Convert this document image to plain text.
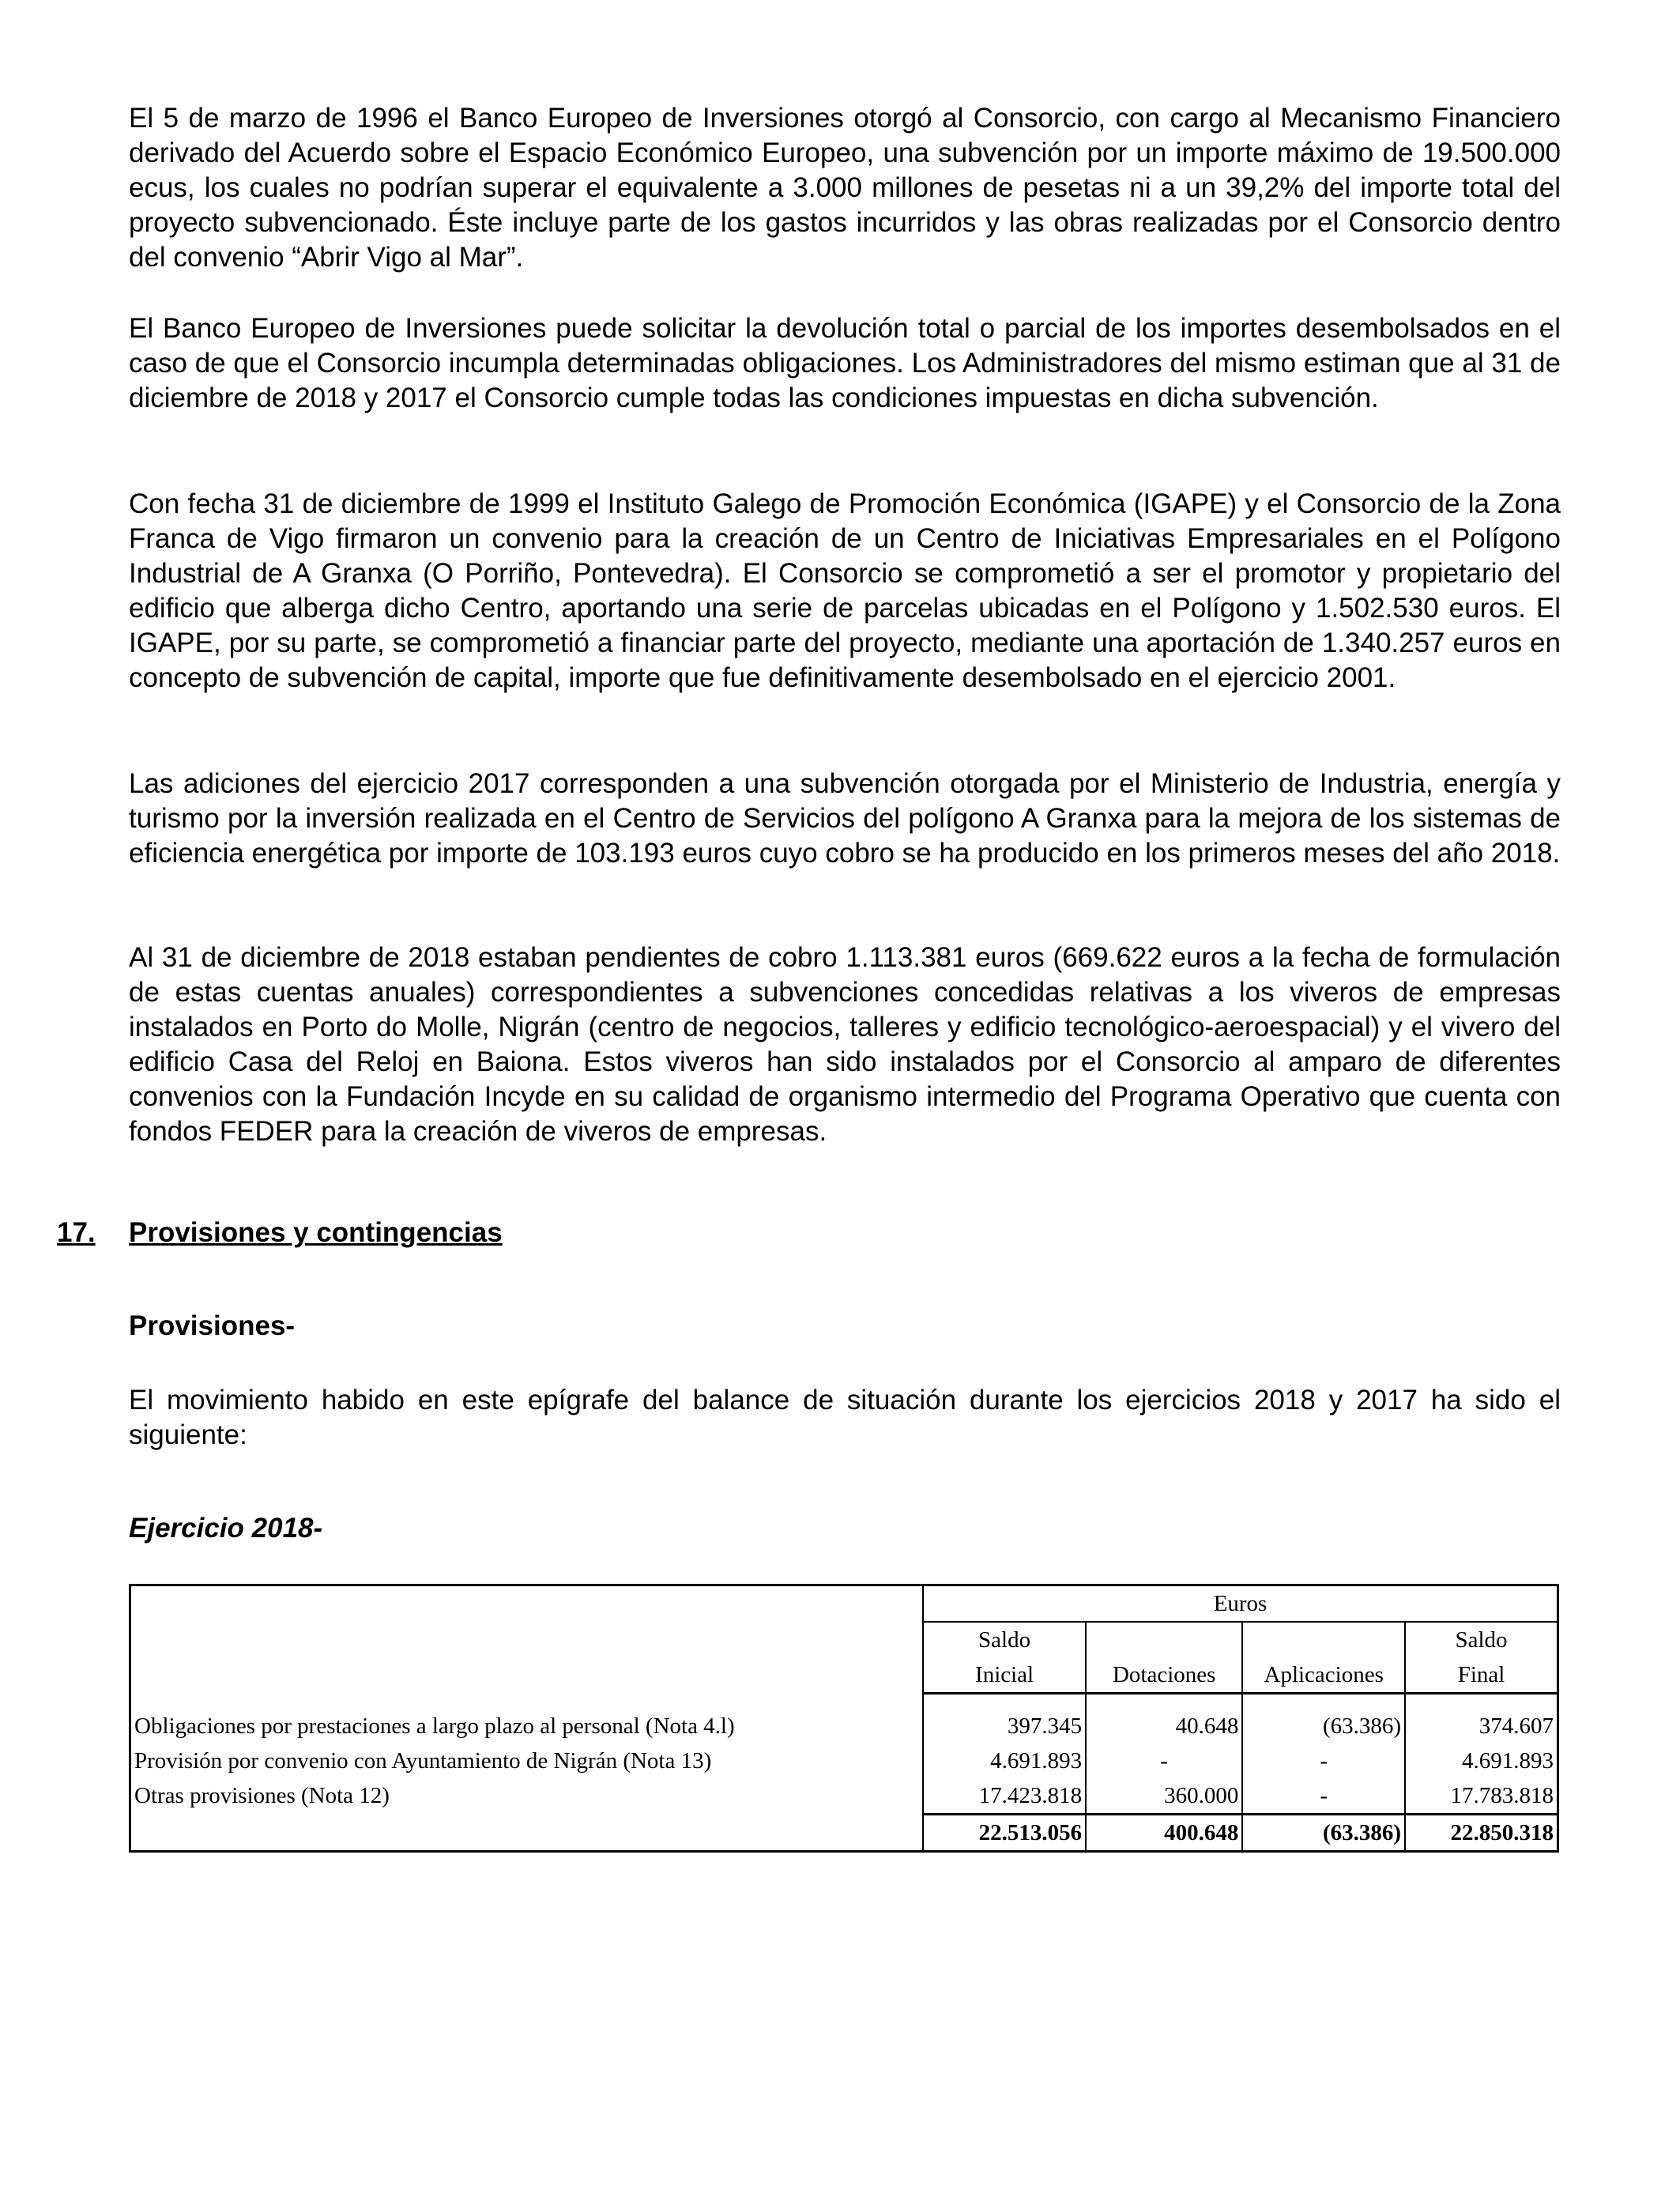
El 5 de marzo de 1996 el Banco Europeo de Inversiones otorgó al Consorcio, con cargo al Mecanismo Financiero derivado del Acuerdo sobre el Espacio Económico Europeo, una subvención por un importe máximo de 19.500.000 ecus, los cuales no podrían superar el equivalente a 3.000 millones de pesetas ni a un 39,2% del importe total del proyecto subvencionado. Éste incluye parte de los gastos incurridos y las obras realizadas por el Consorcio dentro del convenio “Abrir Vigo al Mar”.

El Banco Europeo de Inversiones puede solicitar la devolución total o parcial de los importes desembolsados en el caso de que el Consorcio incumpla determinadas obligaciones. Los Administradores del mismo estiman que al 31 de diciembre de 2018 y 2017 el Consorcio cumple todas las condiciones impuestas en dicha subvención.

Con fecha 31 de diciembre de 1999 el Instituto Galego de Promoción Económica (IGAPE) y el Consorcio de la Zona Franca de Vigo firmaron un convenio para la creación de un Centro de Iniciativas Empresariales en el Polígono Industrial de A Granxa (O Porriño, Pontevedra). El Consorcio se comprometió a ser el promotor y propietario del edificio que alberga dicho Centro, aportando una serie de parcelas ubicadas en el Polígono y 1.502.530 euros. El IGAPE, por su parte, se comprometió a financiar parte del proyecto, mediante una aportación de 1.340.257 euros en concepto de subvención de capital, importe que fue definitivamente desembolsado en el ejercicio 2001.

Las adiciones del ejercicio 2017 corresponden a una subvención otorgada por el Ministerio de Industria, energía y turismo por la inversión realizada en el Centro de Servicios del polígono A Granxa para la mejora de los sistemas de eficiencia energética por importe de 103.193 euros cuyo cobro se ha producido en los primeros meses del año 2018.

Al 31 de diciembre de 2018 estaban pendientes de cobro 1.113.381 euros (669.622 euros a la fecha de formulación de estas cuentas anuales) correspondientes a subvenciones concedidas relativas a los viveros de empresas instalados en Porto do Molle, Nigrán (centro de negocios, talleres y edificio tecnológico-aeroespacial) y el vivero del edificio Casa del Reloj en Baiona. Estos viveros han sido instalados por el Consorcio al amparo de diferentes convenios con la Fundación Incyde en su calidad de organismo intermedio del Programa Operativo que cuenta con fondos FEDER para la creación de viveros de empresas.

17. Provisiones y contingencias
Provisiones-

El movimiento habido en este epígrafe del balance de situación durante los ejercicios 2018 y 2017 ha sido el siguiente:

Ejercicio 2018-
	Euros			
	Saldo			Saldo
	Inicial	Dotaciones	Aplicaciones	Final

Obligaciones por prestaciones a largo plazo al personal (Nota 4.l)	397.345	40.648	(63.386)	374.607
Provisión por convenio con Ayuntamiento de Nigrán (Nota 13)	4.691.893	-	-	4.691.893
Otras provisiones (Nota 12)	17.423.818	360.000	-	17.783.818
	22.513.056	400.648	(63.386)	22.850.318
